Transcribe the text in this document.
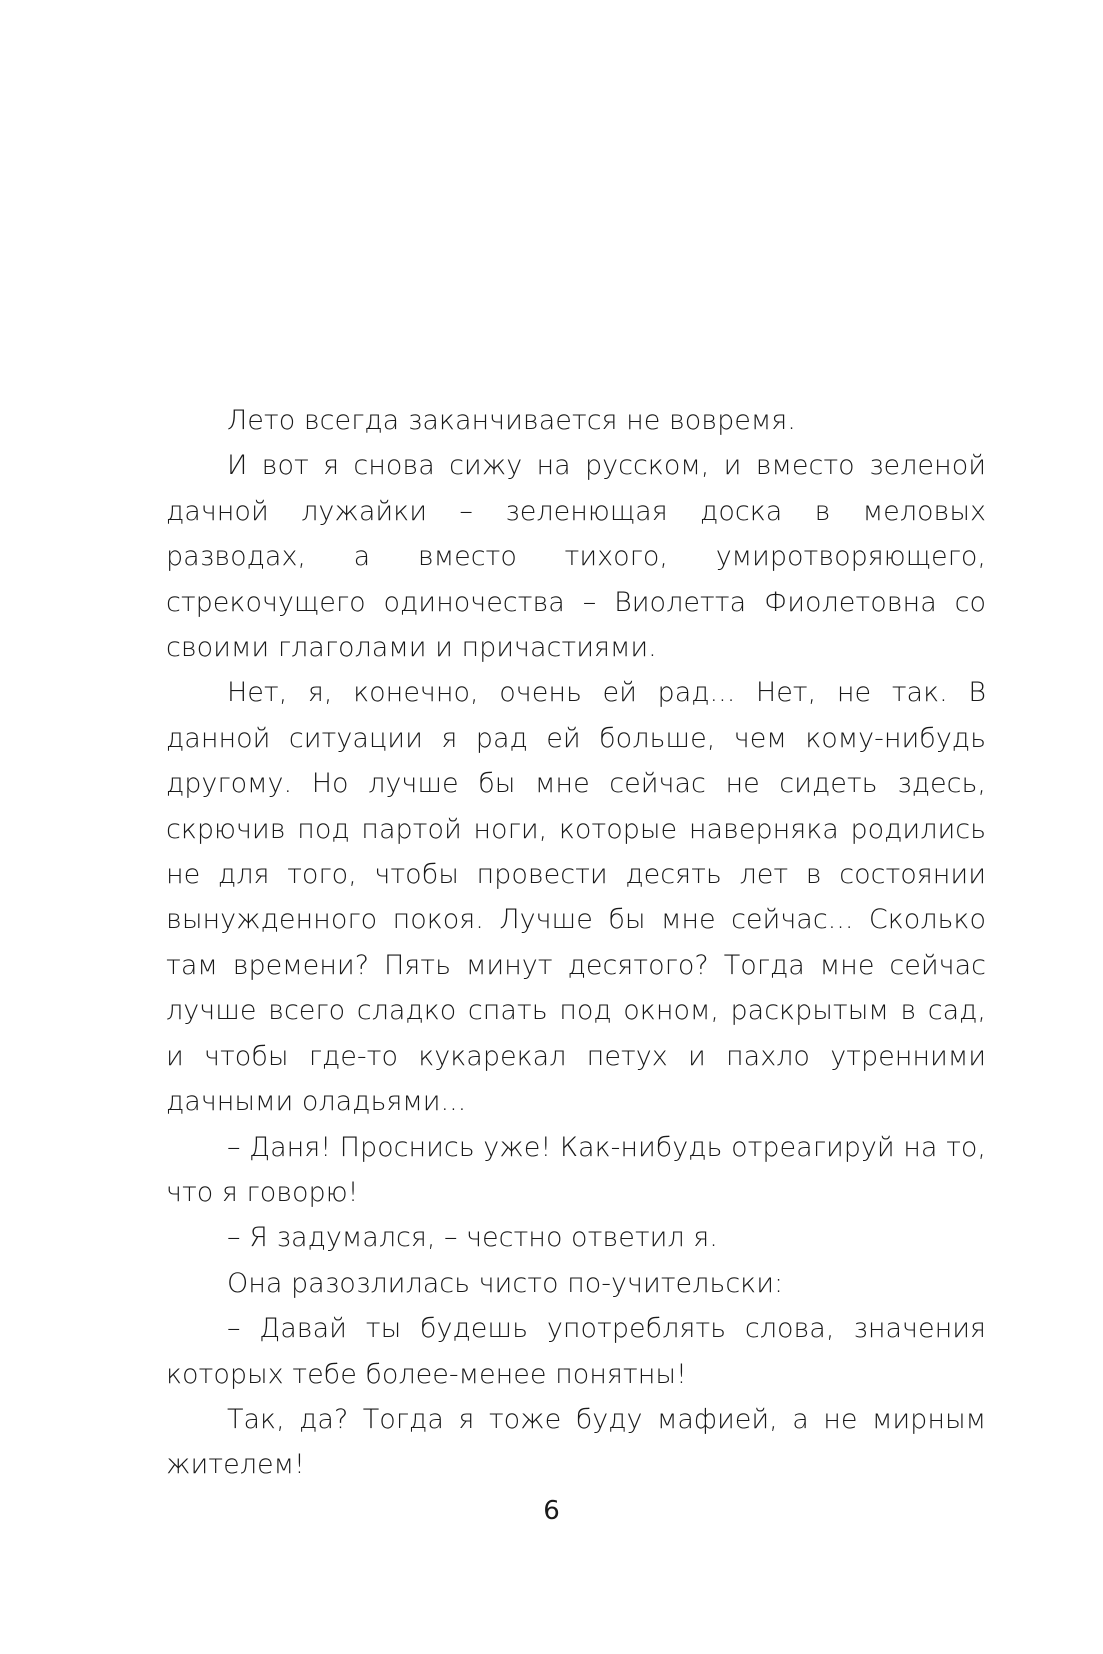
Лето всегда заканчивается не вовремя.

И вот я снова сижу на русском, и вместо зеленой дачной лужайки – зеленющая доска в меловых разводах, а вместо тихого, умиротворяющего, стрекочущего одиночества – Виолетта Фиолетовна со своими глаголами и причастиями.

Нет, я, конечно, очень ей рад... Нет, не так. В данной ситуации я рад ей больше, чем кому-нибудь другому. Но лучше бы мне сейчас не сидеть здесь, скрючив под партой ноги, которые наверняка родились не для того, чтобы провести десять лет в состоянии вынужденного покоя. Лучше бы мне сейчас... Сколько там времени? Пять минут десятого? Тогда мне сейчас лучше всего сладко спать под окном, раскрытым в сад, и чтобы где-то кукарекал петух и пахло утренними дачными оладьями...

– Даня! Проснись уже! Как-нибудь отреагируй на то, что я говорю!

– Я задумался, – честно ответил я.

Она разозлилась чисто по-учительски:

– Давай ты будешь употреблять слова, значения которых тебе более-менее понятны!

Так, да? Тогда я тоже буду мафией, а не мирным жителем!

6
